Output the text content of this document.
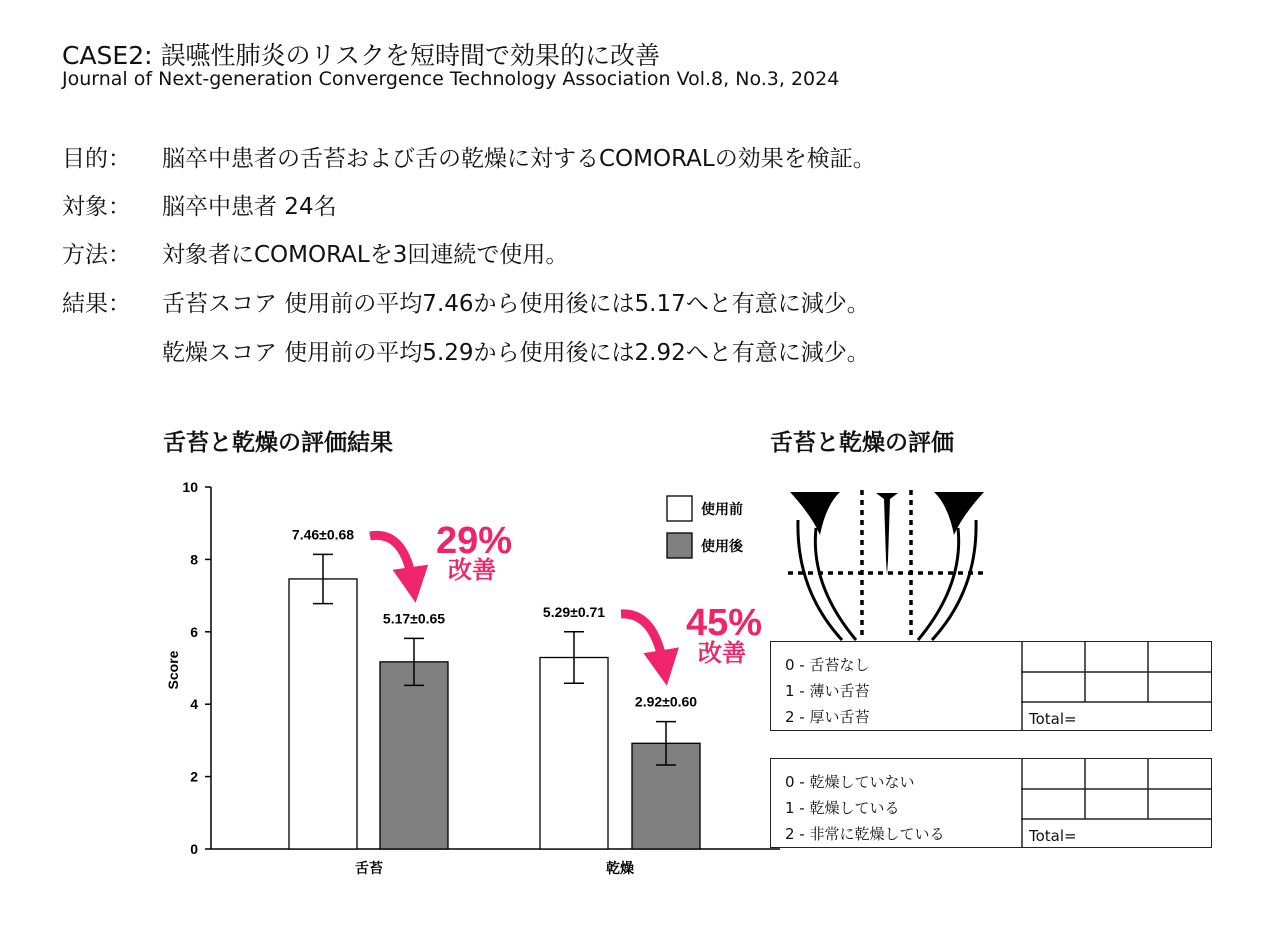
CASE2: 誤嚥性肺炎のリスクを短時間で効果的に改善
Journal of Next-generation Convergence Technology Association Vol.8, No.3, 2024
目的： 脳卒中患者の舌苔および舌の乾燥に対するCOMORALの効果を検証。
対象： 脳卒中患者 24名
方法： 対象者にCOMORALを3回連続で使用。
結果： 舌苔スコア 使用前の平均7.46から使用後には5.17へと有意に減少。
乾燥スコア 使用前の平均5.29から使用後には2.92へと有意に減少。
舌苔と乾燥の評価結果	舌苔と乾燥の評価
0
2
4
6
8
10
Score
7.46±0.68
5.17±0.65
舌苔
5.29±0.71
2.92±0.60
乾燥
使用前
使用後
29%
改善
45%
改善	0 - 舌苔なし
1 - 薄い舌苔
2 - 厚い舌苔	Total=
0 - 乾燥していない
1 - 乾燥している
2 - 非常に乾燥している	Total=
